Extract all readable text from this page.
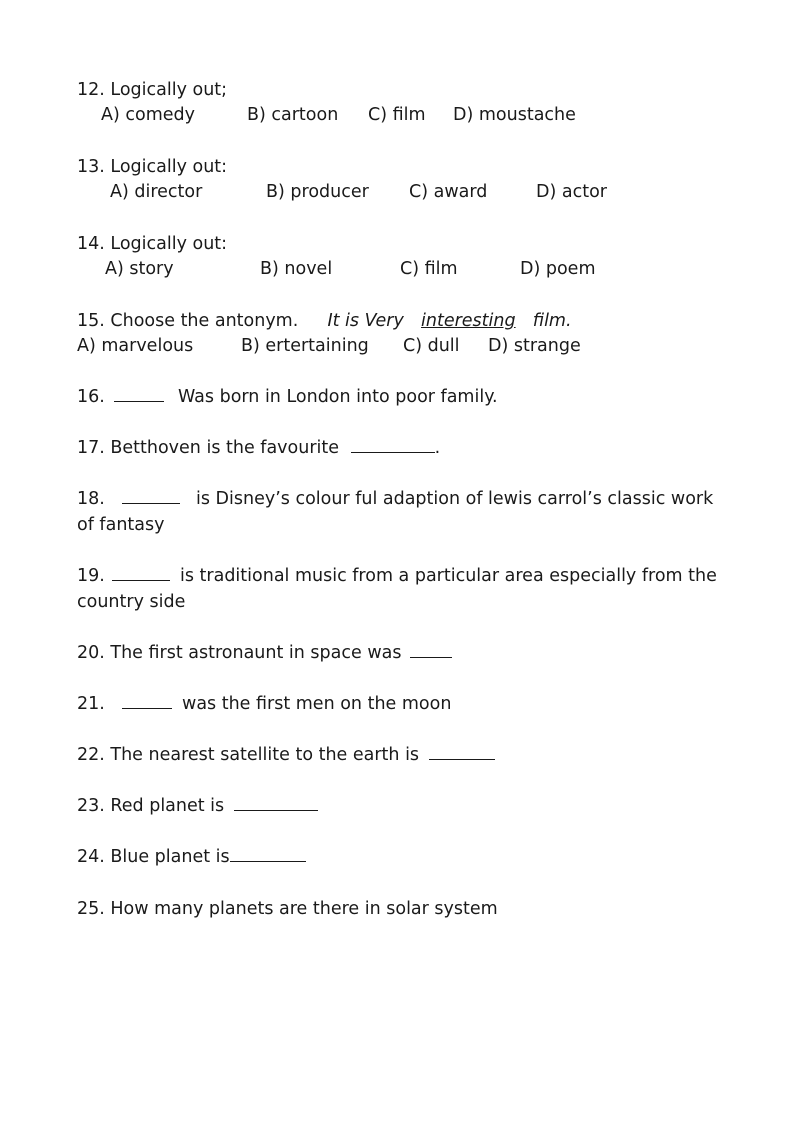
12. Logically out;
A) comedy	B) cartoon C) film D) moustache
13. Logically out:
A) director	B) producer C) award	D) actor
14. Logically out:
A) story	B) novel	C) film	D) poem
15. Choose the antonym. It is Very interesting film.
A) marvelous	B) ertertaining C) dull D) strange
16.	Was born in London into poor family.
17. Betthoven is the favourite	.
18.	is Disney’s colour ful adaption of lewis carrol’s classic work
of fantasy
19.	is traditional music from a particular area especially from the
country side
20. The first astronaunt in space was
21.	was the first men on the moon
22. The nearest satellite to the earth is
23. Red planet is
24. Blue planet is
25. How many planets are there in solar system
